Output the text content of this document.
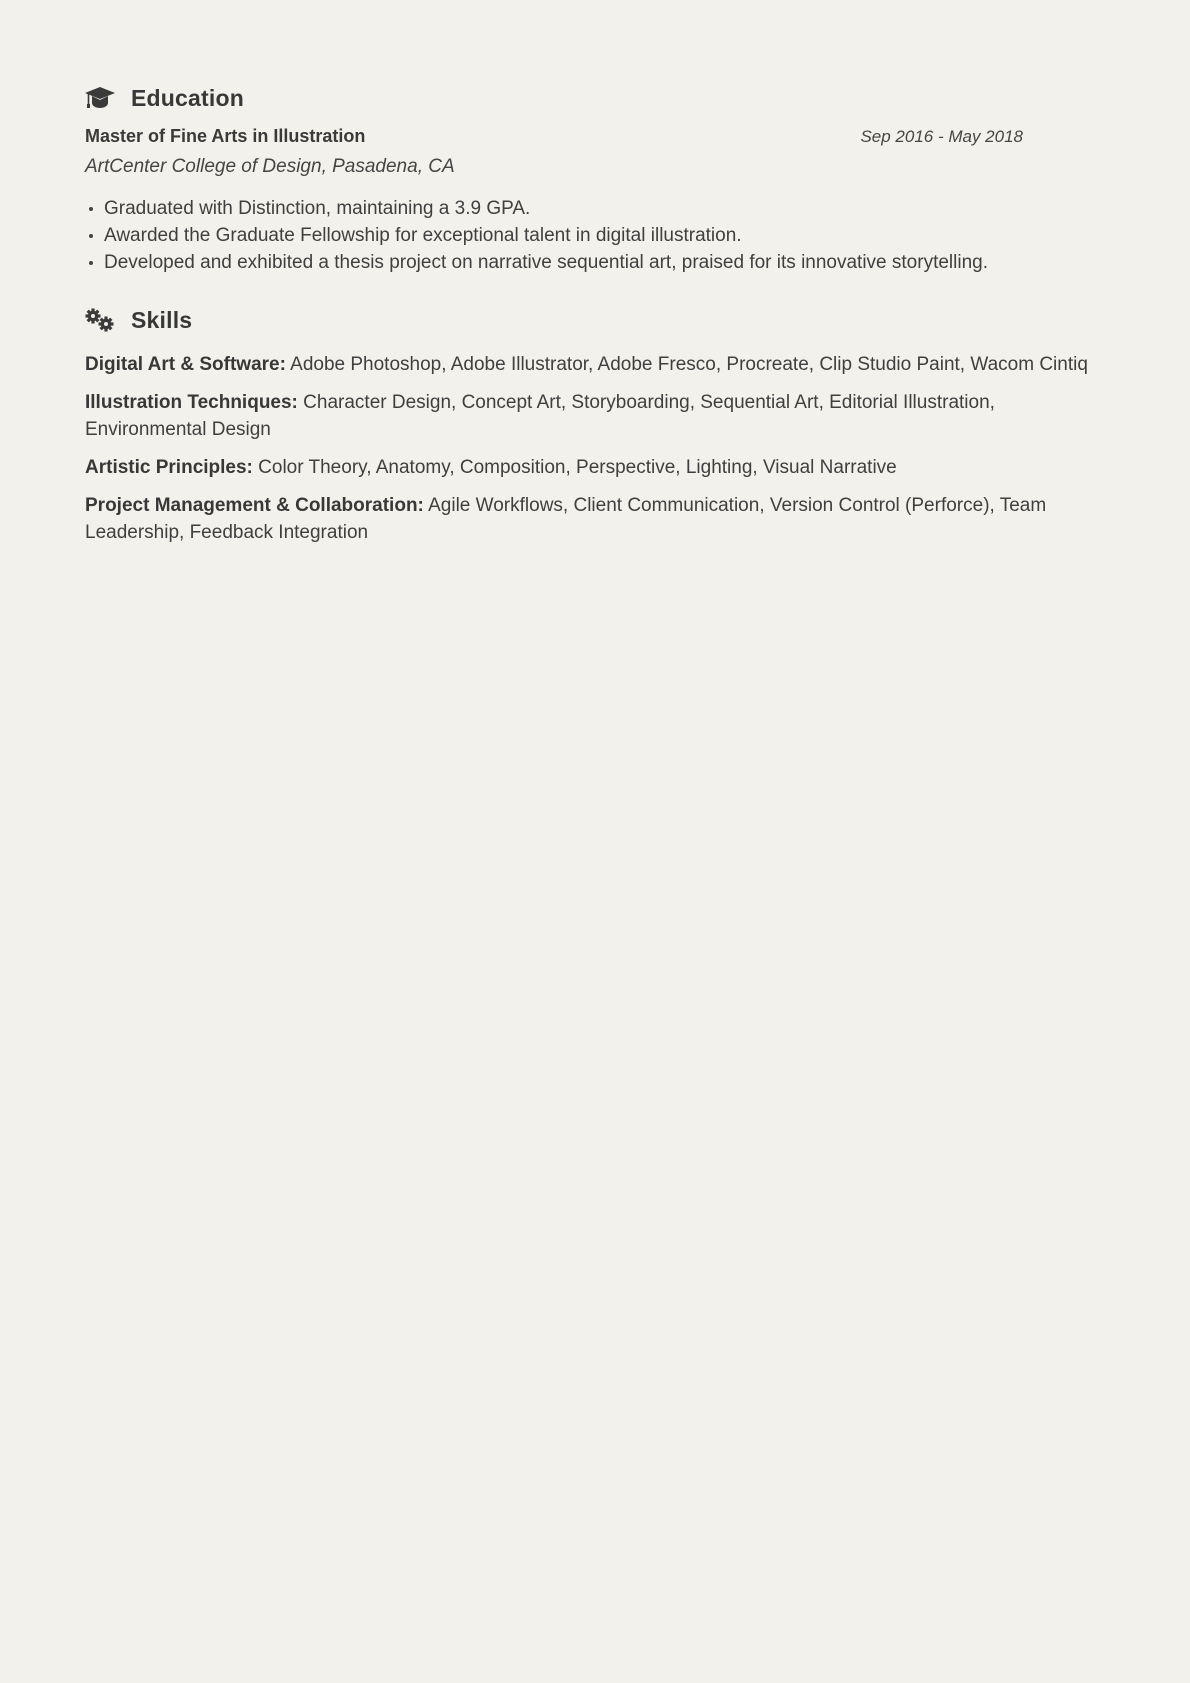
Education
Master of Fine Arts in Illustration	Sep 2016 - May 2018
ArtCenter College of Design, Pasadena, CA
Graduated with Distinction, maintaining a 3.9 GPA.
Awarded the Graduate Fellowship for exceptional talent in digital illustration.
Developed and exhibited a thesis project on narrative sequential art, praised for its innovative storytelling.
Skills
Digital Art & Software: Adobe Photoshop, Adobe Illustrator, Adobe Fresco, Procreate, Clip Studio Paint, Wacom Cintiq
Illustration Techniques: Character Design, Concept Art, Storyboarding, Sequential Art, Editorial Illustration, Environmental Design
Artistic Principles: Color Theory, Anatomy, Composition, Perspective, Lighting, Visual Narrative
Project Management & Collaboration: Agile Workflows, Client Communication, Version Control (Perforce), Team Leadership, Feedback Integration
